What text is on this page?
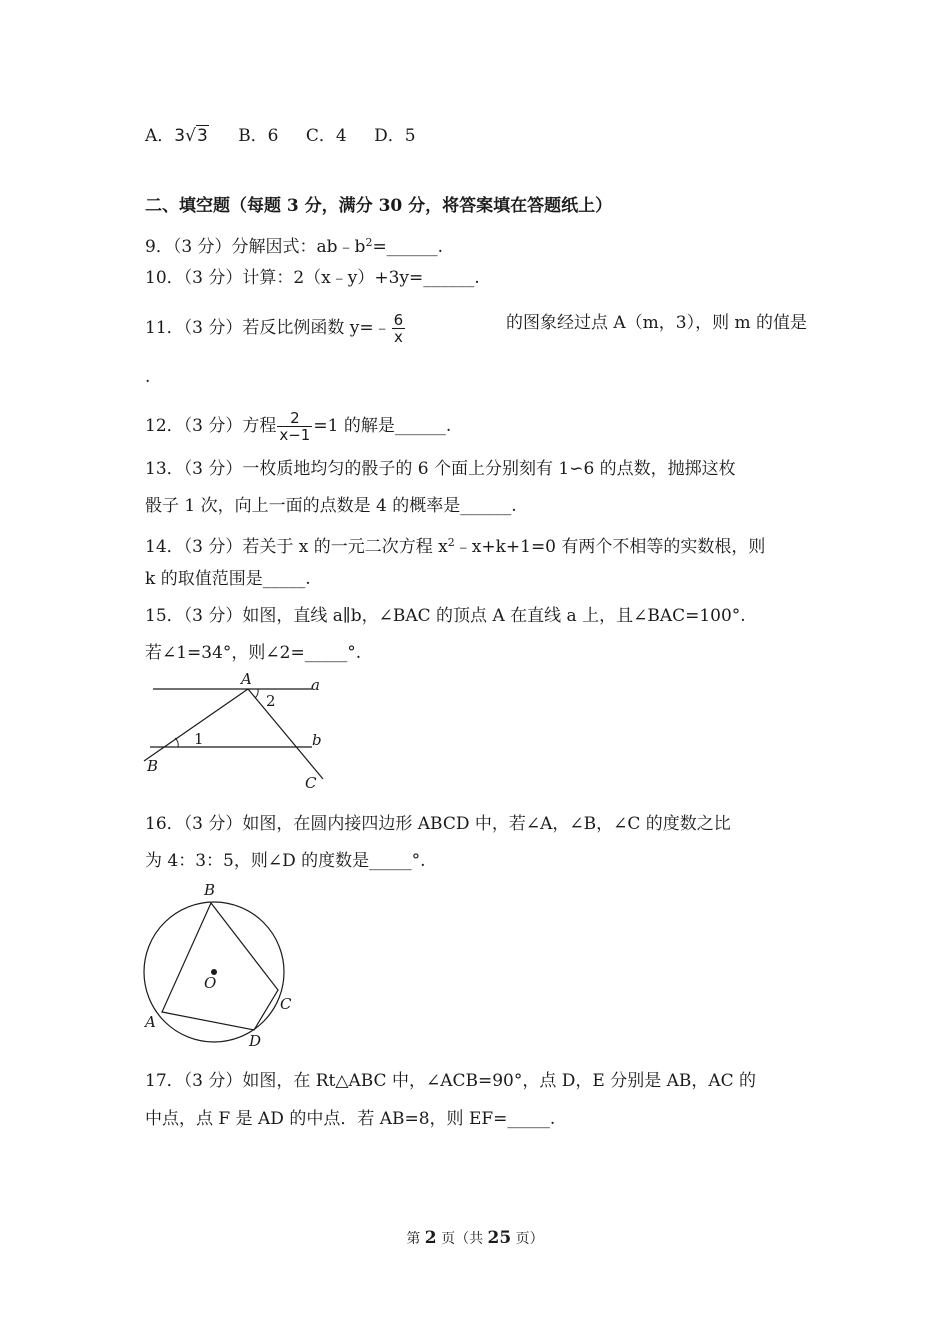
A．3√3 B．6 C．4 D．5
二、填空题（每题 3 分，满分 30 分，将答案填在答题纸上）
9．（3 分）分解因式：$ab﹣b^2=\_\_\_\_\_\_$.
10．（3 分）计算：2（x﹣y）+3y=______.
11．（3 分）若反比例函数 y=﹣ $\frac{6}{x}$	的图象经过点 A（m，3），则 m 的值是
.
12．（3 分）方程 $\frac{2}{x-1} =1$ 的解是______.
13．（3 分）一枚质地均匀的骰子的 6 个面上分别刻有 1∽6 的点数，抛掷这枚
骰子 1 次，向上一面的点数是 4 的概率是______.
14．（3 分）若关于 x 的一元二次方程 $x^2﹣x+k+1=0$ 有两个不相等的实数根，则
k 的取值范围是_____.
15．（3 分）如图，直线 a∥b，∠BAC 的顶点 A 在直线 a 上，且∠BAC=100°.
若∠1=34°，则∠2=_____°.
A	a
2
1	b
B
C
16．（3 分）如图，在圆内接四边形 ABCD 中，若∠A，∠B，∠C 的度数之比
为 4：3：5，则∠D 的度数是_____°.
B
O
C
A
D
17．（3 分）如图，在 Rt△ABC 中，∠ACB=90°，点 D，E 分别是 AB，AC 的
中点，点 F 是 AD 的中点．若 AB=8，则 EF=_____.
第 2 页（共 25 页）
